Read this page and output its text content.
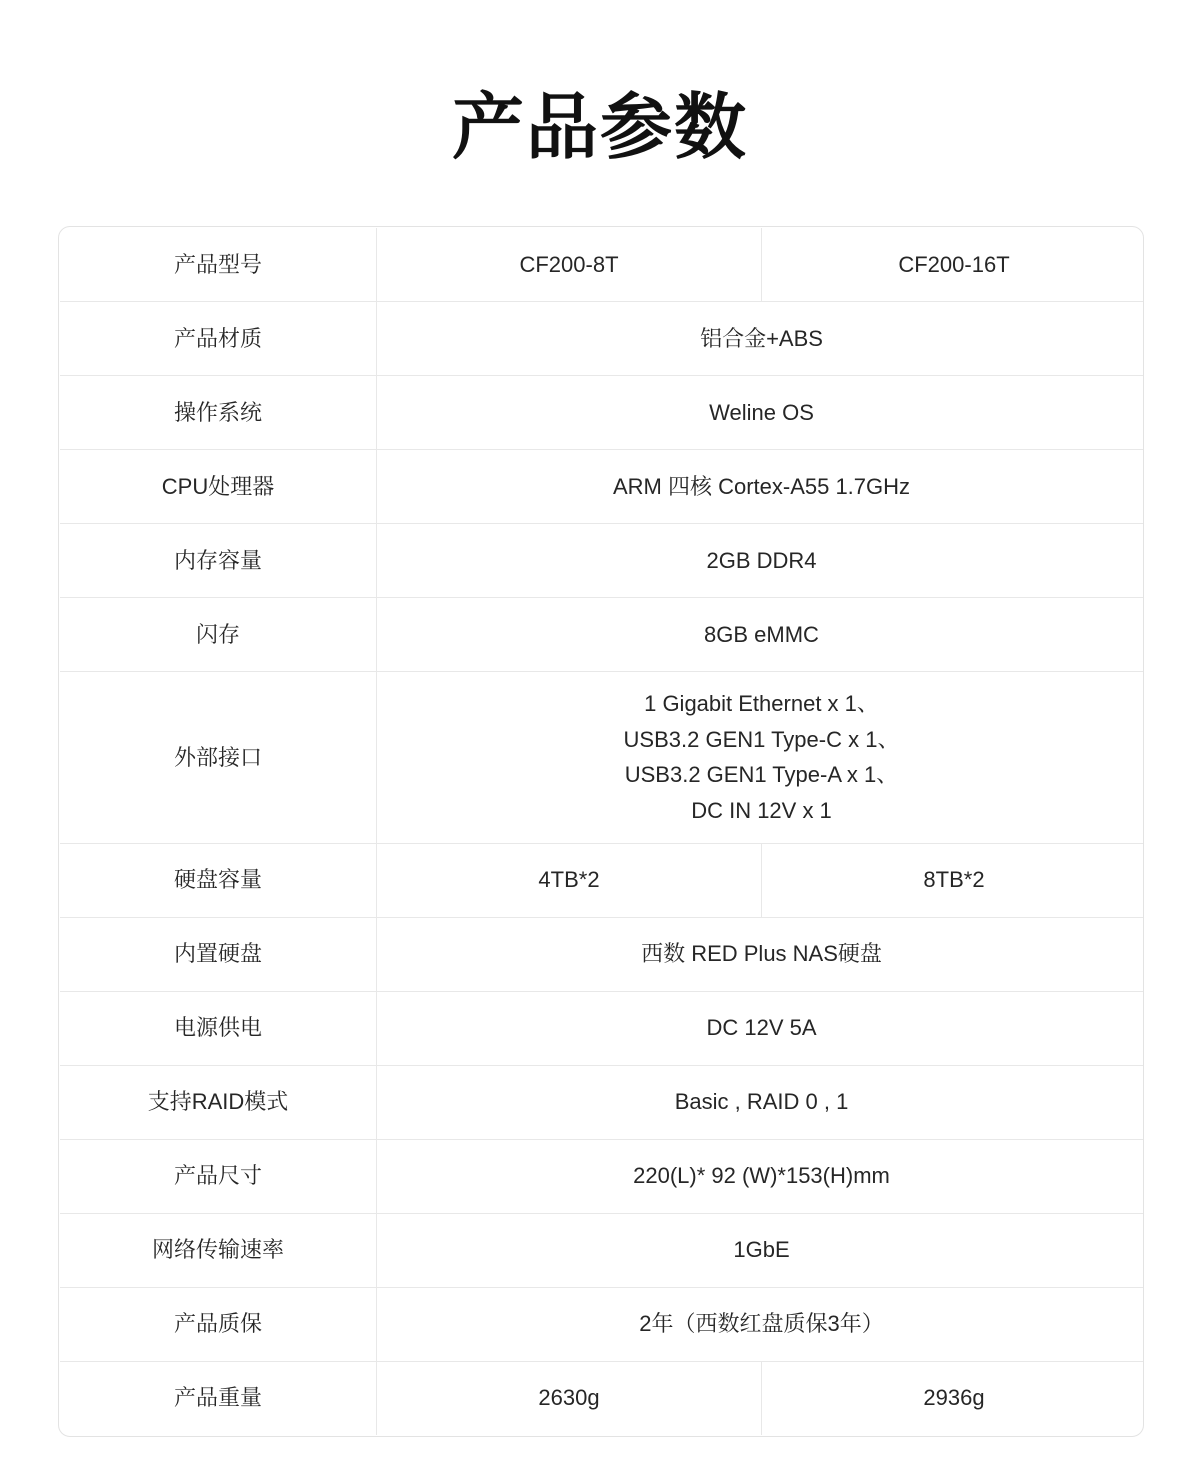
产品参数
产品型号	CF200-8T	CF200-16T
产品材质	铝合金+ABS	
操作系统	Weline OS	
CPU处理器	ARM 四核 Cortex-A55 1.7GHz	
内存容量	2GB DDR4	
闪存	8GB eMMC	
外部接口	1 Gigabit Ethernet x 1、
USB3.2 GEN1 Type-C x 1、
USB3.2 GEN1 Type-A x 1、
DC IN 12V x 1	

硬盘容量	4TB*2	8TB*2
内置硬盘	西数 RED Plus NAS硬盘	
电源供电	DC 12V 5A	
支持RAID模式	Basic , RAID 0 , 1	
产品尺寸	220(L)* 92 (W)*153(H)mm	
网络传输速率	1GbE	
产品质保	2年（西数红盘质保3年）	
产品重量	2630g	2936g
